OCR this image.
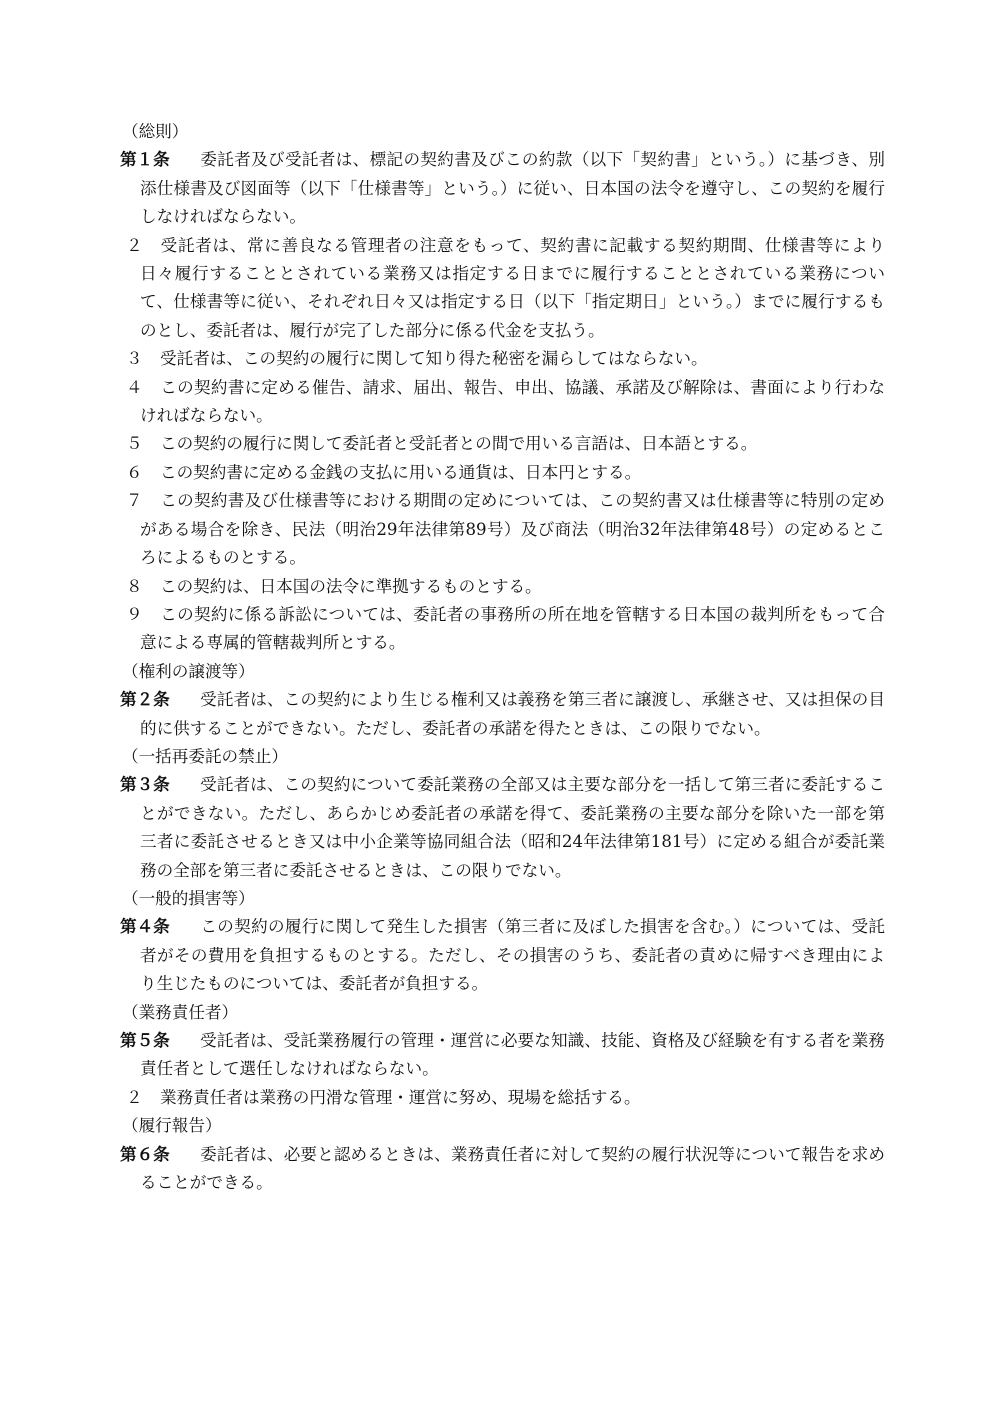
（総則）
第１条 委託者及び受託者は、標記の契約書及びこの約款（以下「契約書」という。）に基づき、別添仕様書及び図面等（以下「仕様書等」という。）に従い、日本国の法令を遵守し、この契約を履行しなければならない。
２ 受託者は、常に善良なる管理者の注意をもって、契約書に記載する契約期間、仕様書等により日々履行することとされている業務又は指定する日までに履行することとされている業務について、仕様書等に従い、それぞれ日々又は指定する日（以下「指定期日」という。）までに履行するものとし、委託者は、履行が完了した部分に係る代金を支払う。
３ 受託者は、この契約の履行に関して知り得た秘密を漏らしてはならない。
４ この契約書に定める催告、請求、届出、報告、申出、協議、承諾及び解除は、書面により行わなければならない。
５ この契約の履行に関して委託者と受託者との間で用いる言語は、日本語とする。
６ この契約書に定める金銭の支払に用いる通貨は、日本円とする。
７ この契約書及び仕様書等における期間の定めについては、この契約書又は仕様書等に特別の定めがある場合を除き、民法（明治29年法律第89号）及び商法（明治32年法律第48号）の定めるところによるものとする。
８ この契約は、日本国の法令に準拠するものとする。
９ この契約に係る訴訟については、委託者の事務所の所在地を管轄する日本国の裁判所をもって合意による専属的管轄裁判所とする。
（権利の譲渡等）
第２条 受託者は、この契約により生じる権利又は義務を第三者に譲渡し、承継させ、又は担保の目的に供することができない。ただし、委託者の承諾を得たときは、この限りでない。
（一括再委託の禁止）
第３条 受託者は、この契約について委託業務の全部又は主要な部分を一括して第三者に委託することができない。ただし、あらかじめ委託者の承諾を得て、委託業務の主要な部分を除いた一部を第三者に委託させるとき又は中小企業等協同組合法（昭和24年法律第181号）に定める組合が委託業務の全部を第三者に委託させるときは、この限りでない。
（一般的損害等）
第４条 この契約の履行に関して発生した損害（第三者に及ぼした損害を含む。）については、受託者がその費用を負担するものとする。ただし、その損害のうち、委託者の責めに帰すべき理由により生じたものについては、委託者が負担する。
（業務責任者）
第５条 受託者は、受託業務履行の管理・運営に必要な知識、技能、資格及び経験を有する者を業務責任者として選任しなければならない。
２ 業務責任者は業務の円滑な管理・運営に努め、現場を総括する。
（履行報告）
第６条 委託者は、必要と認めるときは、業務責任者に対して契約の履行状況等について報告を求めることができる。
